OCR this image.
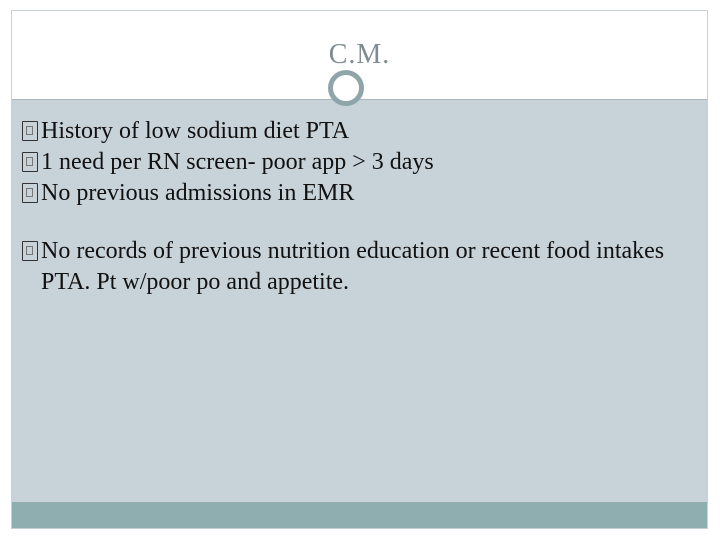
C.M.
History of low sodium diet PTA
1 need per RN screen- poor app > 3 days
No previous admissions in EMR
No records of previous nutrition education or recent food intakes PTA. Pt w/poor po and appetite.
